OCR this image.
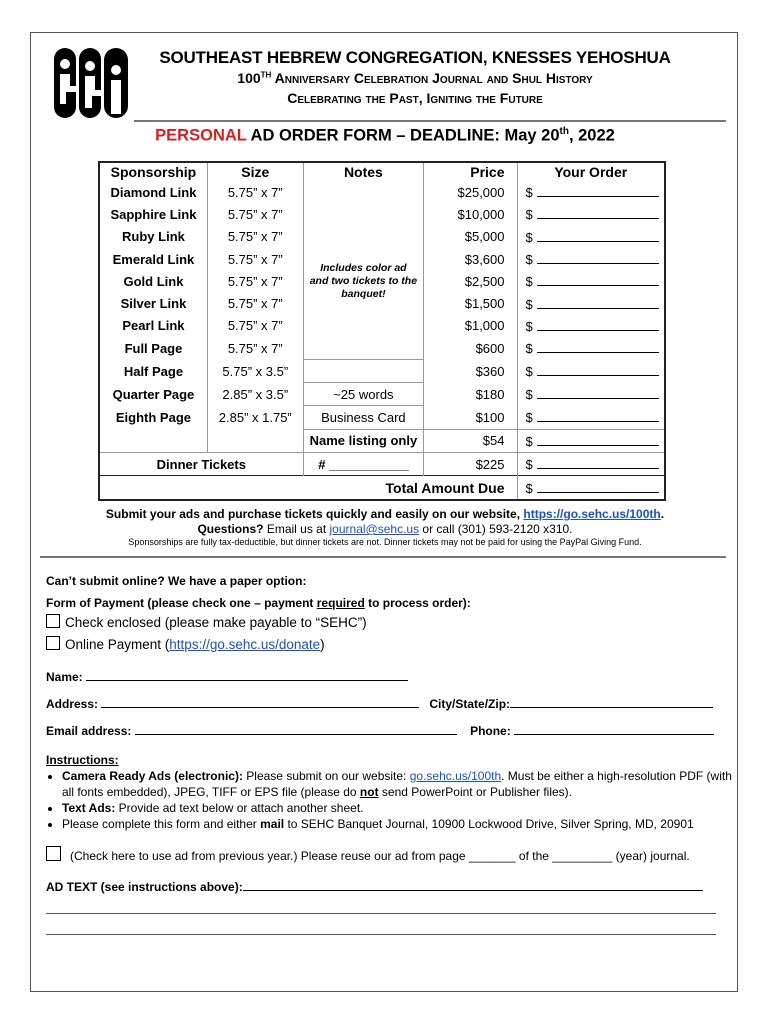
SOUTHEAST HEBREW CONGREGATION, KNESSES YEHOSHUA
100TH Anniversary Celebration Journal and Shul History
Celebrating the Past, Igniting the Future
PERSONAL AD ORDER FORM – DEADLINE: May 20th, 2022
Sponsorship	Size	Notes	Price	Your Order
Diamond Link	5.75” x 7”		$25,000	$
Sapphire Link	5.75” x 7”	Includes color ad and two tickets to the banquet!	$10,000	$
Ruby Link	5.75” x 7”		$5,000	$
Emerald Link	5.75” x 7”		$3,600	$
Gold Link	5.75” x 7”		$2,500	$
Silver Link	5.75” x 7”		$1,500	$
Pearl Link	5.75” x 7”		$1,000	$
Full Page	5.75” x 7”		$600	$
Half Page	5.75” x 3.5”		$360	$
Quarter Page	2.85” x 3.5”	~25 words	$180	$
Eighth Page	2.85” x 1.75”	Business Card	$100	$
		Name listing only	$54	$
Dinner Tickets		# ___________	$225	$
Total Amount Due				$
Submit your ads and purchase tickets quickly and easily on our website, https://go.sehc.us/100th.
Questions? Email us at journal@sehc.us or call (301) 593-2120 x310.
Sponsorships are fully tax-deductible, but dinner tickets are not. Dinner tickets may not be paid for using the PayPal Giving Fund.
Can’t submit online? We have a paper option:
Form of Payment (please check one – payment required to process order):
Check enclosed (please make payable to “SEHC”)
Online Payment (https://go.sehc.us/donate)
Name:
Address:	City/State/Zip:
Email address:	Phone:
Instructions:
• Camera Ready Ads (electronic): Please submit on our website: go.sehc.us/100th. Must be either a high-resolution PDF (with all fonts embedded), JPEG, TIFF or EPS file (please do not send PowerPoint or Publisher files).
• Text Ads: Provide ad text below or attach another sheet.
• Please complete this form and either mail to SEHC Banquet Journal, 10900 Lockwood Drive, Silver Spring, MD, 20901
(Check here to use ad from previous year.) Please reuse our ad from page _______ of the _________ (year) journal.
AD TEXT (see instructions above):
